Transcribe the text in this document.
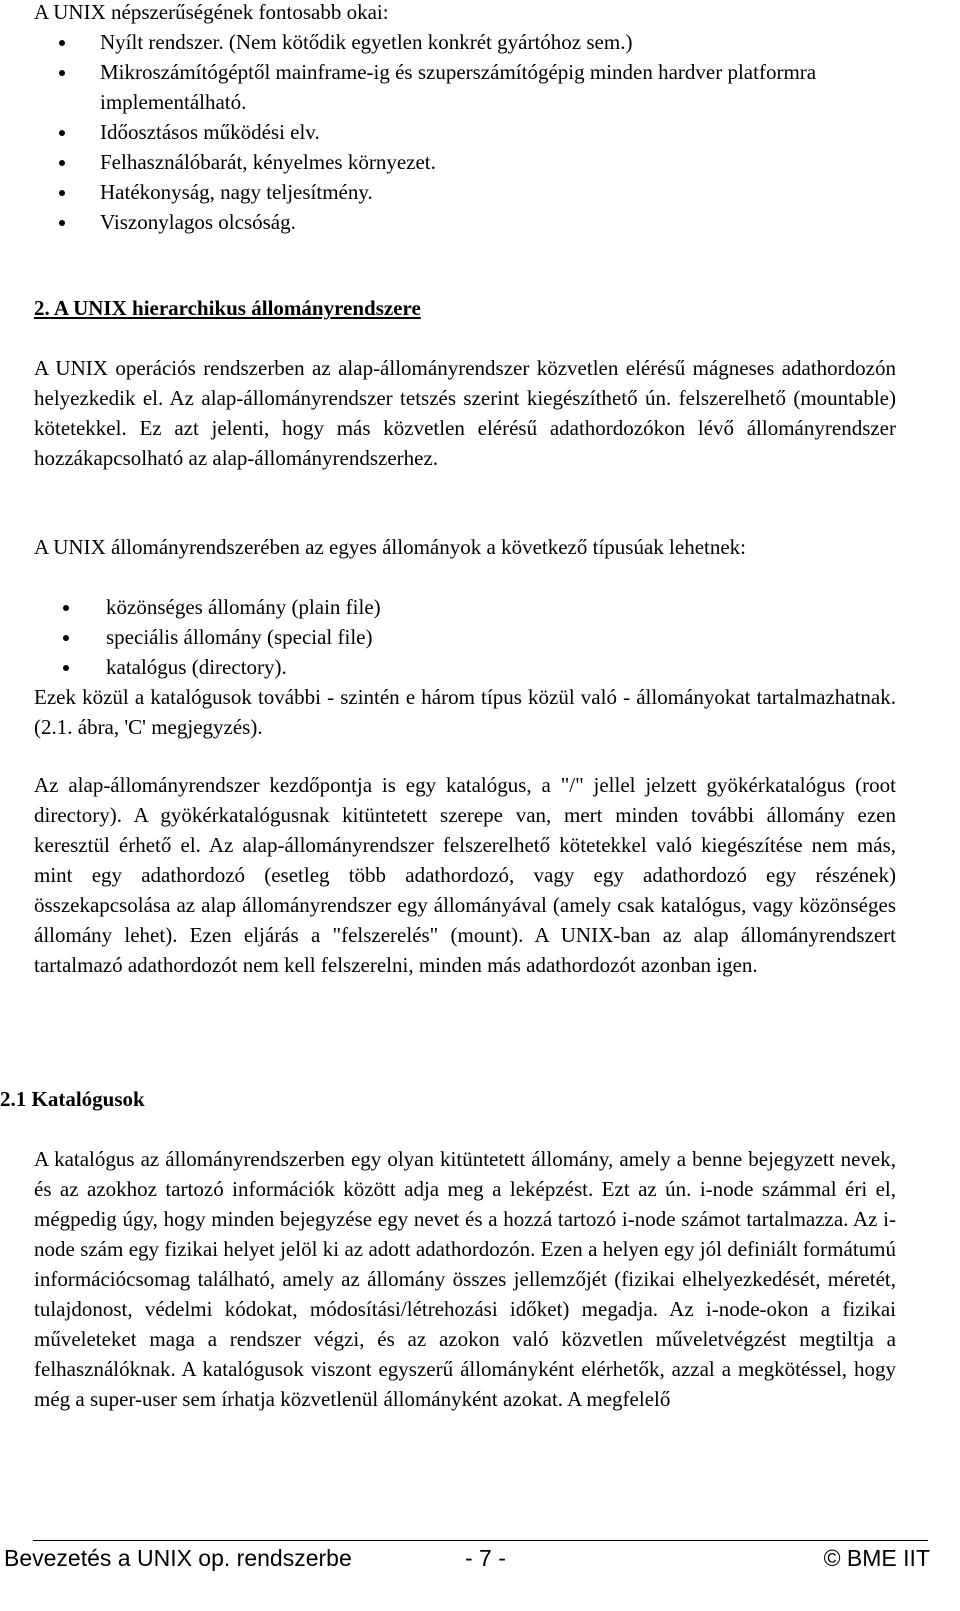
A UNIX népszerűségének fontosabb okai:

Nyílt rendszer. (Nem kötődik egyetlen konkrét gyártóhoz sem.)
Mikroszámítógéptől mainframe-ig és szuperszámítógépig minden hardver platformra implementálható.
Időosztásos működési elv.
Felhasználóbarát, kényelmes környezet.
Hatékonyság, nagy teljesítmény.
Viszonylagos olcsóság.
2. A UNIX hierarchikus állományrendszere

A UNIX operációs rendszerben az alap-állományrendszer közvetlen elérésű mágneses adathordozón helyezkedik el. Az alap-állományrendszer tetszés szerint kiegészíthető ún. felszerelhető (mountable) kötetekkel. Ez azt jelenti, hogy más közvetlen elérésű adathordozókon lévő állományrendszer hozzákapcsolható az alap-állományrendszerhez.

A UNIX állományrendszerében az egyes állományok a következő típusúak lehetnek:

közönséges állomány (plain file)
speciális állomány (special file)
katalógus (directory).

Ezek közül a katalógusok további - szintén e három típus közül való - állományokat tartalmazhatnak. (2.1. ábra, 'C' megjegyzés).

Az alap-állományrendszer kezdőpontja is egy katalógus, a "/" jellel jelzett gyökérkatalógus (root directory). A gyökérkatalógusnak kitüntetett szerepe van, mert minden további állomány ezen keresztül érhető el. Az alap-állományrendszer felszerelhető kötetekkel való kiegészítése nem más, mint egy adathordozó (esetleg több adathordozó, vagy egy adathordozó egy részének) összekapcsolása az alap állományrendszer egy állományával (amely csak katalógus, vagy közönséges állomány lehet). Ezen eljárás a "felszerelés" (mount). A UNIX-ban az alap állományrendszert tartalmazó adathordozót nem kell felszerelni, minden más adathordozót azonban igen.

2.1 Katalógusok

A katalógus az állományrendszerben egy olyan kitüntetett állomány, amely a benne bejegyzett nevek, és az azokhoz tartozó információk között adja meg a leképzést. Ezt az ún. i-node számmal éri el, mégpedig úgy, hogy minden bejegyzése egy nevet és a hozzá tartozó i-node számot tartalmazza. Az i-node szám egy fizikai helyet jelöl ki az adott adathordozón. Ezen a helyen egy jól definiált formátumú információcsomag található, amely az állomány összes jellemzőjét (fizikai elhelyezkedését, méretét, tulajdonost, védelmi kódokat, módosítási/létrehozási időket) megadja. Az i-node-okon a fizikai műveleteket maga a rendszer végzi, és az azokon való közvetlen műveletvégzést megtiltja a felhasználóknak. A katalógusok viszont egyszerű állományként elérhetők, azzal a megkötéssel, hogy még a super-user sem írhatja közvetlenül állományként azokat. A megfelelő

Bevezetés a UNIX op. rendszerbe	- 7 -	© BME IIT
